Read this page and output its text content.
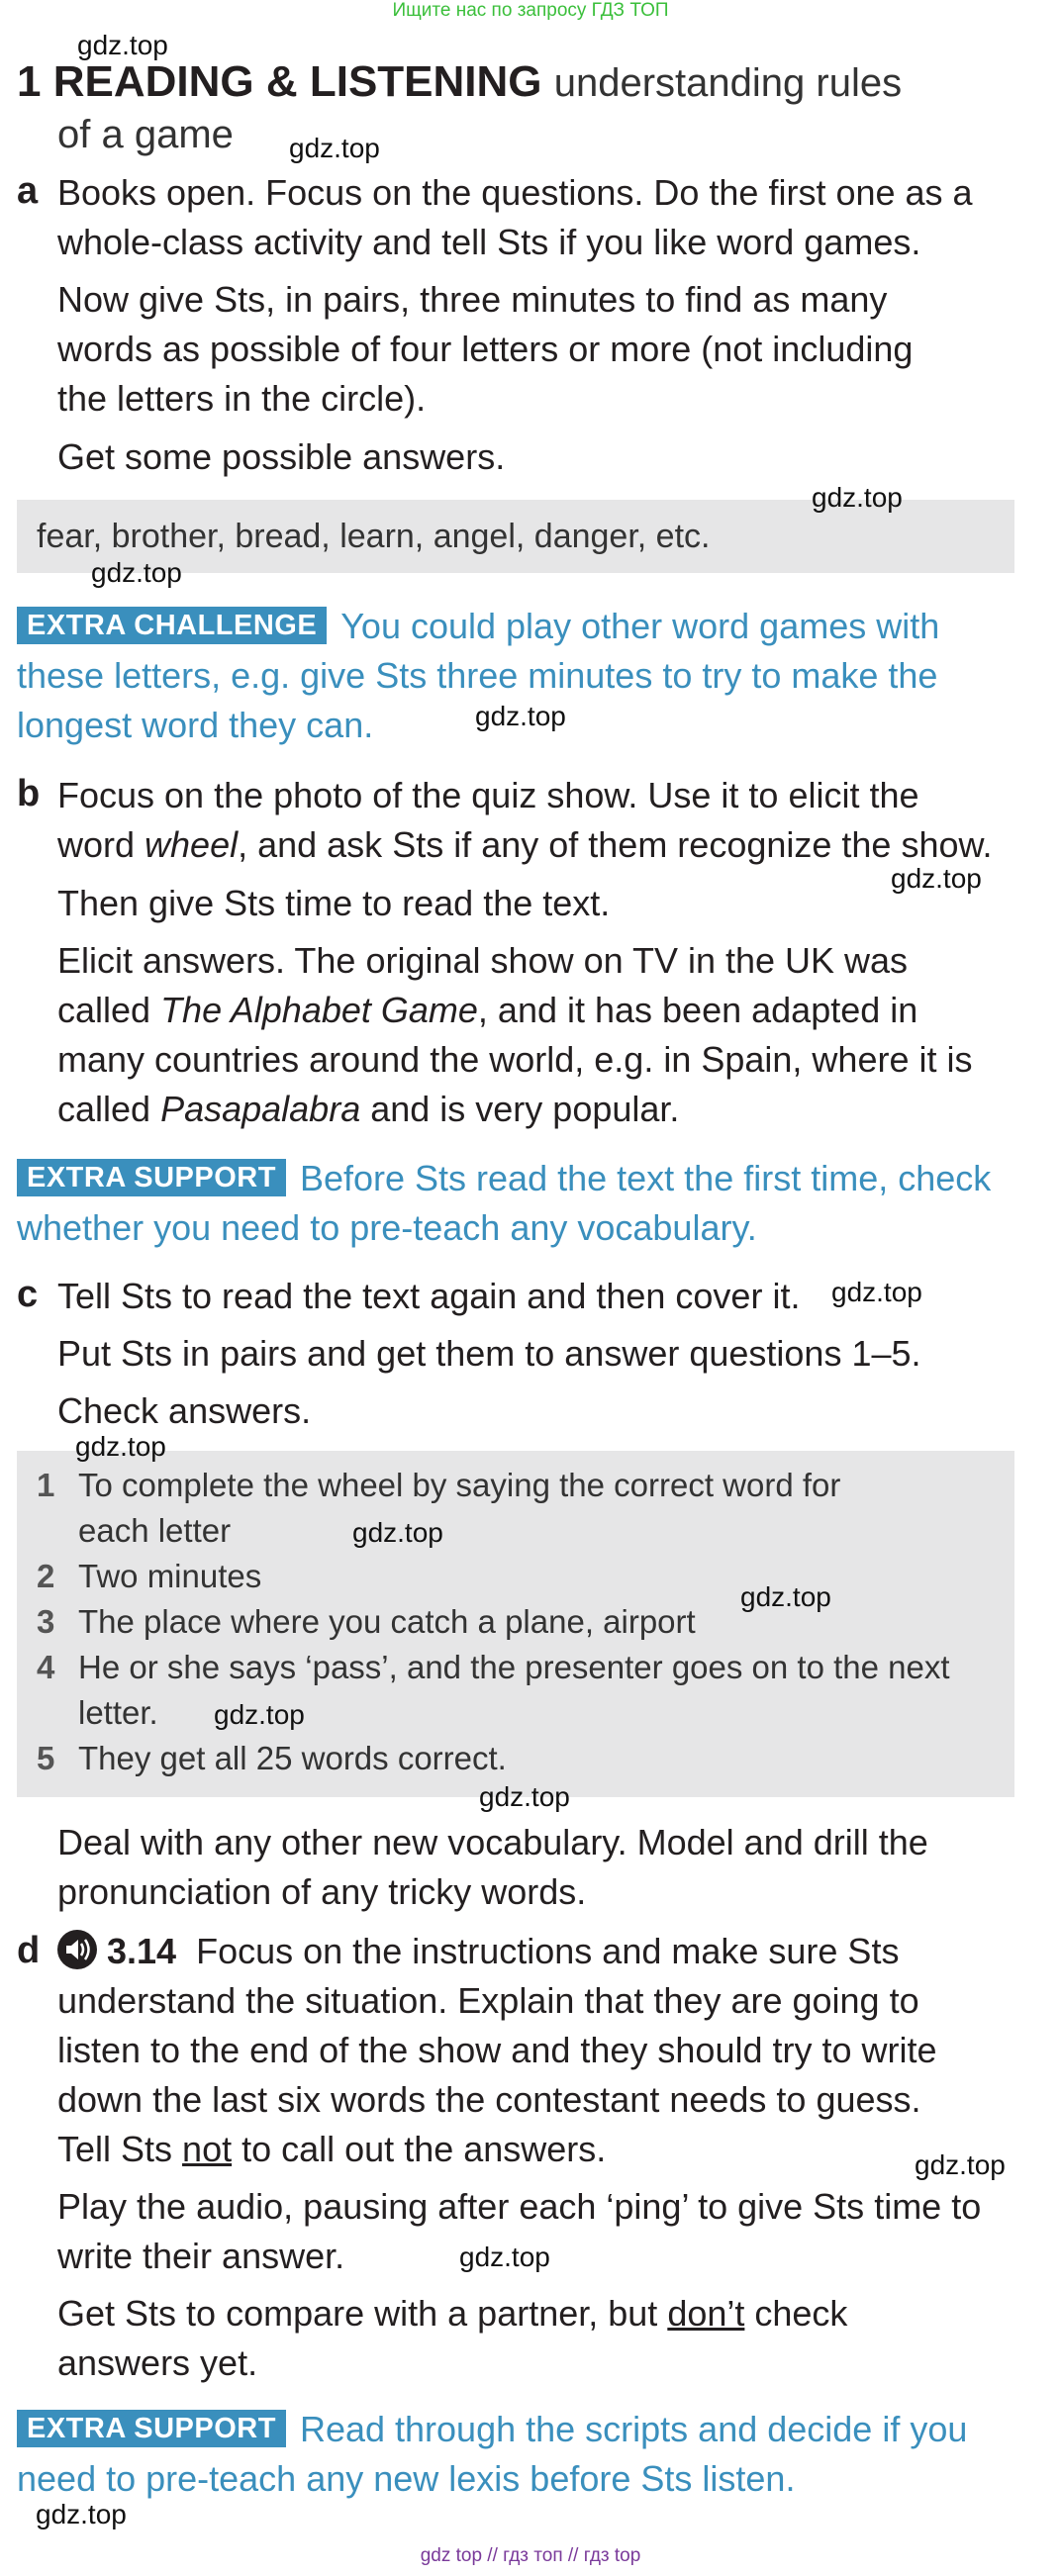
Ищите нас по запросу ГДЗ ТОП
1 READING & LISTENING understanding rules
of a game
a Books open. Focus on the questions. Do the first one as a
whole-class activity and tell Sts if you like word games.
Now give Sts, in pairs, three minutes to find as many
words as possible of four letters or more (not including
the letters in the circle).
Get some possible answers.
fear, brother, bread, learn, angel, danger, etc.
EXTRA CHALLENGE You could play other word games with
these letters, e.g. give Sts three minutes to try to make the
longest word they can.
b Focus on the photo of the quiz show. Use it to elicit the
word wheel, and ask Sts if any of them recognize the show.
Then give Sts time to read the text.
Elicit answers. The original show on TV in the UK was
called The Alphabet Game, and it has been adapted in
many countries around the world, e.g. in Spain, where it is
called Pasapalabra and is very popular.
EXTRA SUPPORT Before Sts read the text the first time, check
whether you need to pre-teach any vocabulary.
c Tell Sts to read the text again and then cover it.
Put Sts in pairs and get them to answer questions 1–5.
Check answers.
1 To complete the wheel by saying the correct word for
each letter
2 Two minutes
3 The place where you catch a plane, airport
4 He or she says ‘pass’, and the presenter goes on to the next
letter.
5 They get all 25 words correct.
Deal with any other new vocabulary. Model and drill the
pronunciation of any tricky words.
d	3.14 Focus on the instructions and make sure Sts
understand the situation. Explain that they are going to
listen to the end of the show and they should try to write
down the last six words the contestant needs to guess.
Tell Sts not to call out the answers.
Play the audio, pausing after each ‘ping’ to give Sts time to
write their answer.
Get Sts to compare with a partner, but don’t check
answers yet.
EXTRA SUPPORT Read through the scripts and decide if you
need to pre-teach any new lexis before Sts listen.
gdz.top
gdz.top
gdz.top
gdz.top
gdz.top
gdz.top
gdz.top
gdz.top
gdz.top
gdz.top
gdz.top
gdz.top
gdz.top
gdz.top
gdz.top
gdz top // гдз топ // гдз top
